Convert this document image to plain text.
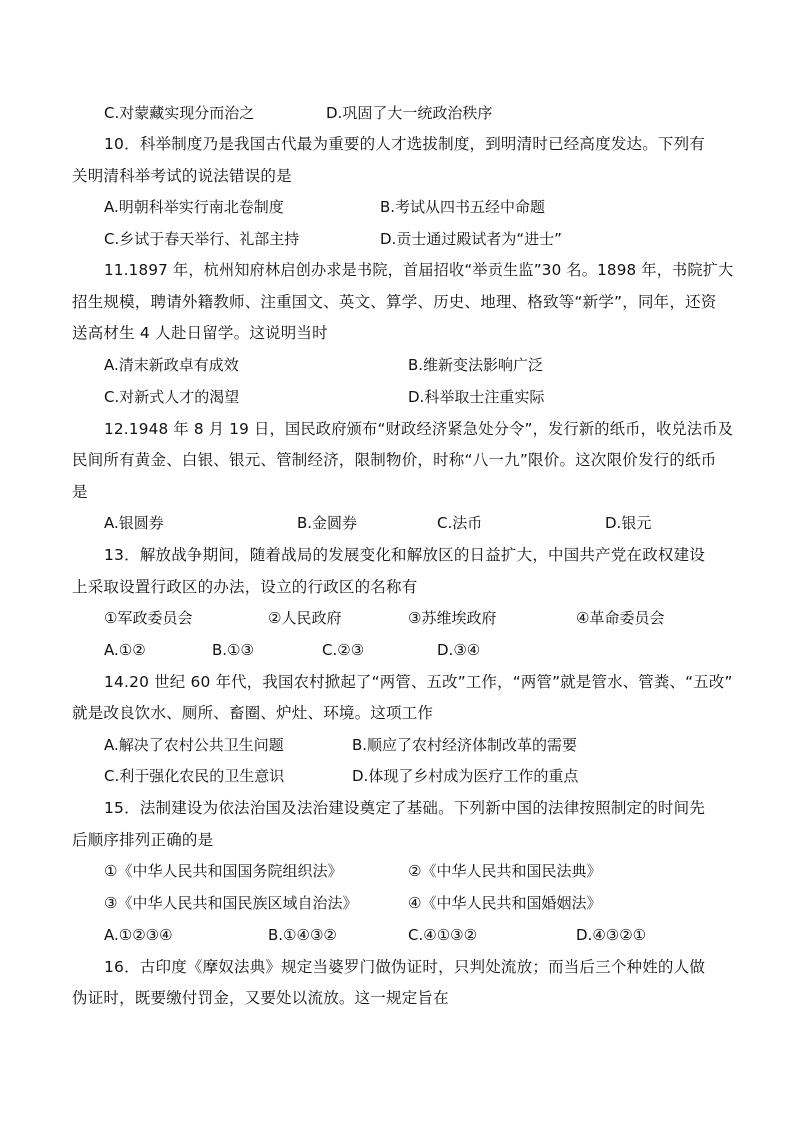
C.对蒙藏实现分而治之	D.巩固了大一统政治秩序
10．科举制度乃是我国古代最为重要的人才选拔制度，到明清时已经高度发达。下列有
关明清科举考试的说法错误的是
A.明朝科举实行南北卷制度	B.考试从四书五经中命题
C.乡试于春天举行、礼部主持	D.贡士通过殿试者为“进士”
11.1897 年，杭州知府林启创办求是书院，首届招收“举贡生监”30 名。1898 年，书院扩大
招生规模，聘请外籍教师、注重国文、英文、算学、历史、地理、格致等“新学”，同年，还资
送高材生 4 人赴日留学。这说明当时
A.清末新政卓有成效	B.维新变法影响广泛
C.对新式人才的渴望	D.科举取士注重实际
12.1948 年 8 月 19 日，国民政府颁布“财政经济紧急处分令”，发行新的纸币，收兑法币及
民间所有黄金、白银、银元、管制经济，限制物价，时称“八一九”限价。这次限价发行的纸币
是
A.银圆券	B.金圆券	C.法币	D.银元
13．解放战争期间，随着战局的发展变化和解放区的日益扩大，中国共产党在政权建设
上采取设置行政区的办法，设立的行政区的名称有
①军政委员会	②人民政府	③苏维埃政府	④革命委员会
A.①②	B.①③	C.②③	D.③④
14.20 世纪 60 年代，我国农村掀起了“两管、五改”工作，“两管”就是管水、管粪、“五改”
就是改良饮水、厕所、畜圈、炉灶、环境。这项工作
A.解决了农村公共卫生问题	B.顺应了农村经济体制改革的需要
C.利于强化农民的卫生意识	D.体现了乡村成为医疗工作的重点
15．法制建设为依法治国及法治建设奠定了基础。下列新中国的法律按照制定的时间先
后顺序排列正确的是
①《中华人民共和国国务院组织法》	②《中华人民共和国民法典》
③《中华人民共和国民族区域自治法》	④《中华人民共和国婚姻法》
A.①②③④	B.①④③②	C.④①③②	D.④③②①
16．古印度《摩奴法典》规定当婆罗门做伪证时，只判处流放；而当后三个种姓的人做
伪证时，既要缴付罚金，又要处以流放。这一规定旨在
